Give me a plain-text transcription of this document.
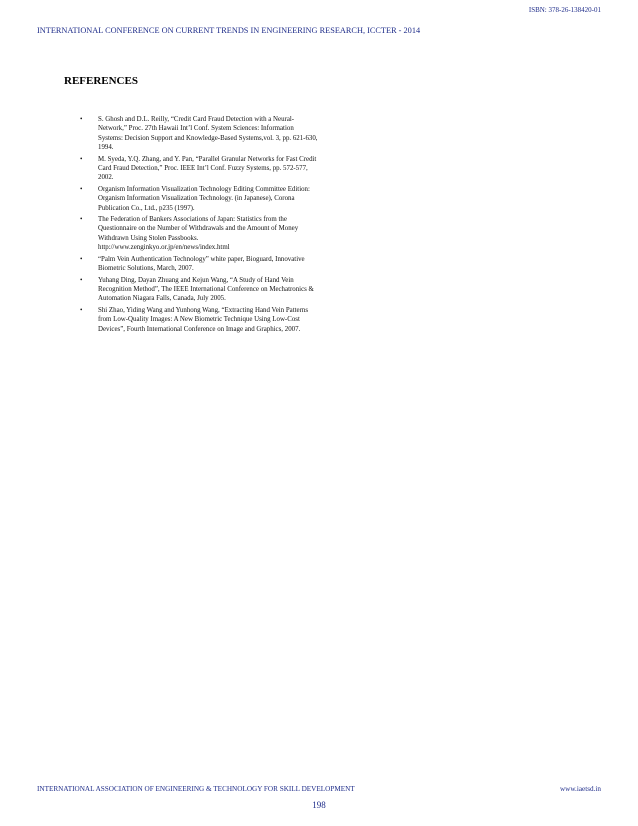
ISBN: 378-26-138420-01
INTERNATIONAL CONFERENCE ON CURRENT TRENDS IN ENGINEERING RESEARCH, ICCTER - 2014
REFERENCES
• S. Ghosh and D.L. Reilly, “Credit Card Fraud Detection with a Neural-Network,” Proc. 27th Hawaii Int’l Conf. System Sciences: Information Systems: Decision Support and Knowledge-Based Systems,vol. 3, pp. 621-630, 1994.
• M. Syeda, Y.Q. Zhang, and Y. Pan, “Parallel Granular Networks for Fast Credit Card Fraud Detection,” Proc. IEEE Int’l Conf. Fuzzy Systems, pp. 572-577, 2002.
• Organism Information Visualization Technology Editing Committee Edition: Organism Information Visualization Technology. (in Japanese), Corona Publication Co., Ltd., p235 (1997).
• The Federation of Bankers Associations of Japan: Statistics from the Questionnaire on the Number of Withdrawals and the Amount of Money Withdrawn Using Stolen Passbooks. http://www.zenginkyo.or.jp/en/news/index.html
• “Palm Vein Authentication Technology” white paper, Bioguard, Innovative Biometric Solutions, March, 2007.
• Yuhang Ding, Dayan Zhuang and Kejun Wang, “A Study of Hand Vein Recognition Method”, The IEEE International Conference on Mechatronics & Automation Niagara Falls, Canada, July 2005.
• Shi Zhao, Yiding Wang and Yunhong Wang, “Extracting Hand Vein Patterns from Low-Quality Images: A New Biometric Technique Using Low-Cost Devices”, Fourth International Conference on Image and Graphics, 2007.
INTERNATIONAL ASSOCIATION OF ENGINEERING & TECHNOLOGY FOR SKILL DEVELOPMENT	www.iaetsd.in
198
